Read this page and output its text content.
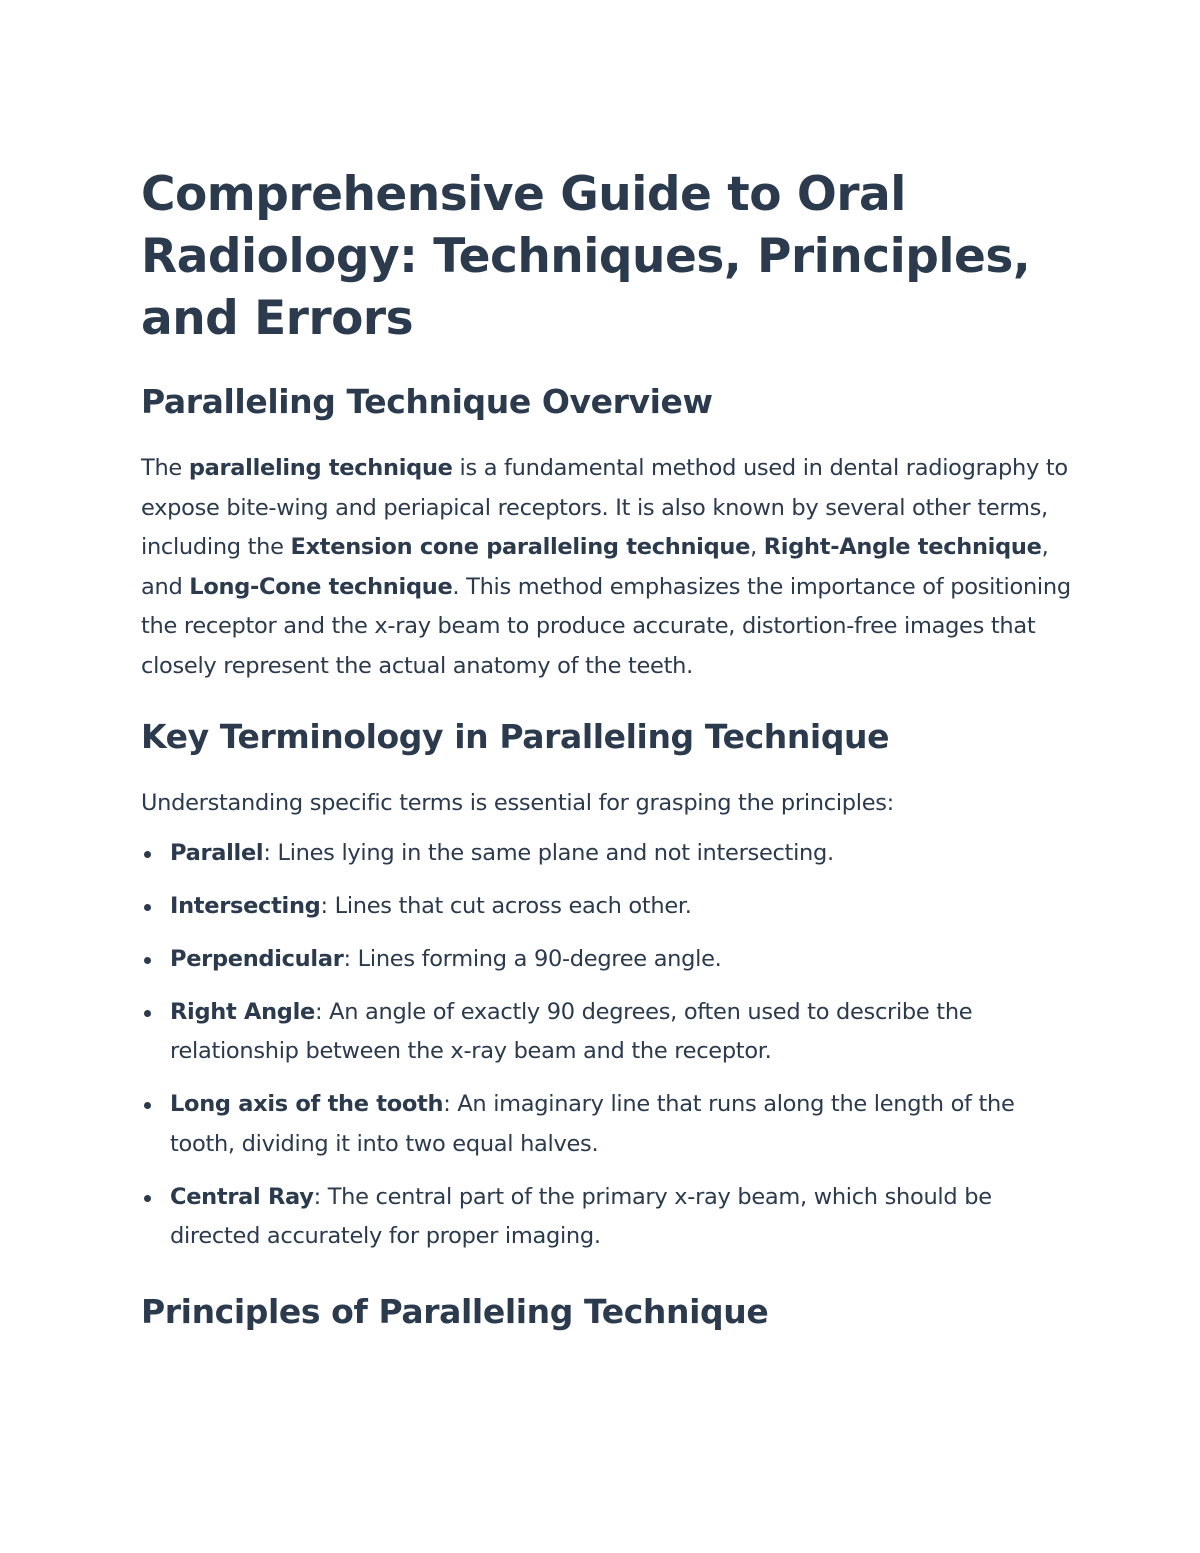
Comprehensive Guide to Oral Radiology: Techniques, Principles, and Errors
Paralleling Technique Overview

The paralleling technique is a fundamental method used in dental radiography to expose bite-wing and periapical receptors. It is also known by several other terms, including the Extension cone paralleling technique, Right-Angle technique, and Long-Cone technique. This method emphasizes the importance of positioning the receptor and the x-ray beam to produce accurate, distortion-free images that closely represent the actual anatomy of the teeth.

Key Terminology in Paralleling Technique

Understanding specific terms is essential for grasping the principles:

Parallel: Lines lying in the same plane and not intersecting.
Intersecting: Lines that cut across each other.
Perpendicular: Lines forming a 90-degree angle.
Right Angle: An angle of exactly 90 degrees, often used to describe the relationship between the x-ray beam and the receptor.
Long axis of the tooth: An imaginary line that runs along the length of the tooth, dividing it into two equal halves.
Central Ray: The central part of the primary x-ray beam, which should be directed accurately for proper imaging.
Principles of Paralleling Technique
